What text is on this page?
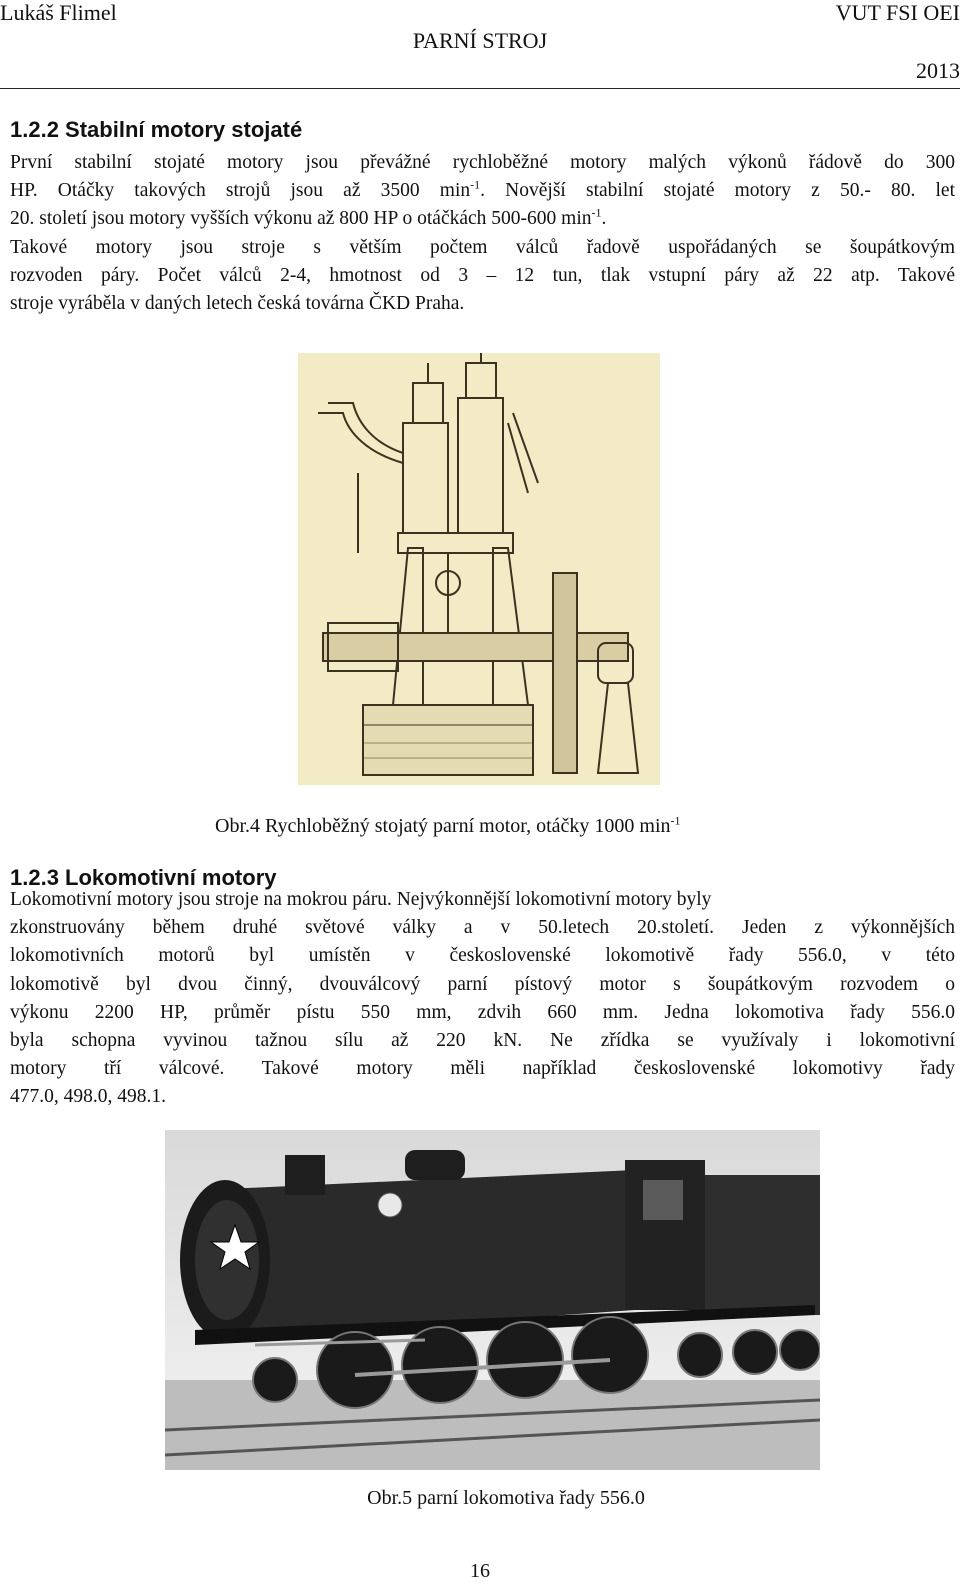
Lukáš Flimel
PARNÍ STROJ
VUT FSI OEI
2013
1.2.2 Stabilní motory stojaté
První stabilní stojaté motory jsou převážné rychloběžné motory malých výkonů řádově do 300
HP. Otáčky takových strojů jsou až 3500 $\min^{-1}$. Novější stabilní stojaté motory z 50.- 80. let
20. století jsou motory vyšších výkonu až 800 HP o otáčkách 500-600 $\min^{-1}$.
Takové motory jsou stroje s větším počtem válců řadově uspořádaných se šoupátkovým
rozvoden páry. Počet válců 2-4, hmotnost od 3 – 12 tun, tlak vstupní páry až 22 atp. Takové
stroje vyráběla v daných letech česká továrna ČKD Praha.
Obr.4 Rychloběžný stojatý parní motor, otáčky 1000 $\min^{-1}$
1.2.3 Lokomotivní motory
Lokomotivní motory jsou stroje na mokrou páru. Nejvýkonnější lokomotivní motory byly
zkonstruovány během druhé světové války a v 50.letech 20.století. Jeden z výkonnějších
lokomotivních motorů byl umístěn v československé lokomotivě řady 556.0, v této
lokomotivě byl dvou činný, dvouválcový parní pístový motor s šoupátkovým rozvodem o
výkonu 2200 HP, průměr pístu 550 mm, zdvih 660 mm. Jedna lokomotiva řady 556.0
byla schopna vyvinou tažnou sílu až 220 kN. Ne zřídka se využívaly i lokomotivní
motory tří válcové. Takové motory měli například československé lokomotivy řady
477.0, 498.0, 498.1.
Obr.5 parní lokomotiva řady 556.0
16
